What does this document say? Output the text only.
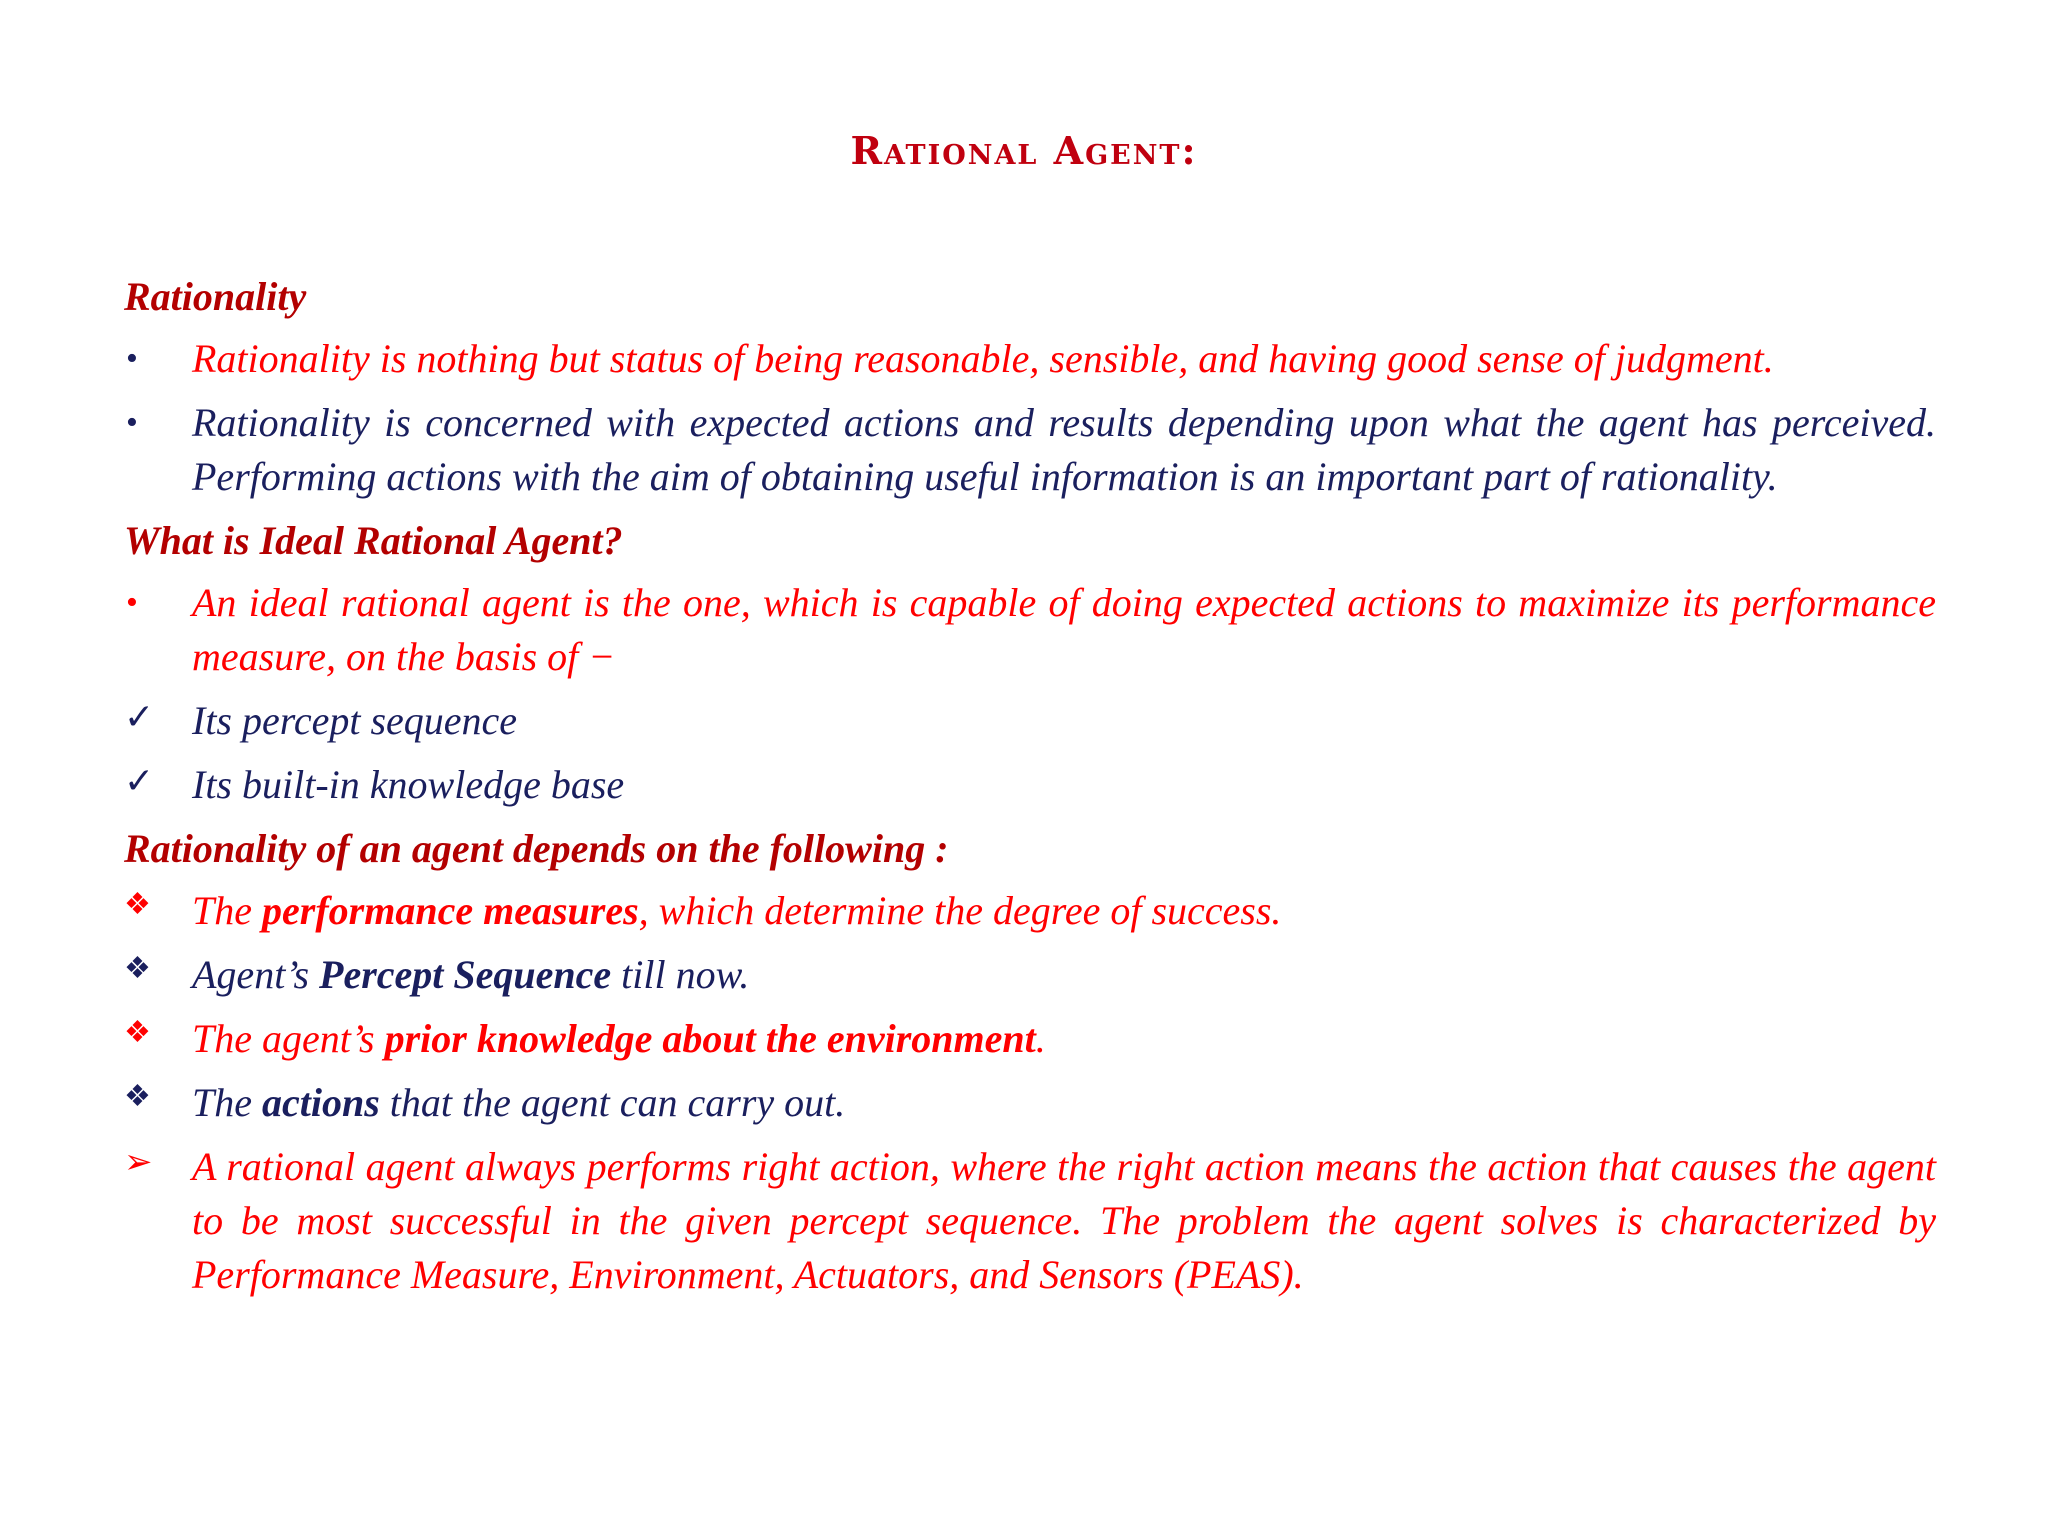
Rational Agent:
Rationality
•	Rationality is nothing but status of being reasonable, sensible, and having good sense of judgment.
•	Rationality is concerned with expected actions and results depending upon what the agent has perceived. Performing actions with the aim of obtaining useful information is an important part of rationality.
What is Ideal Rational Agent?
•	An ideal rational agent is the one, which is capable of doing expected actions to maximize its performance measure, on the basis of −
✓ Its percept sequence
✓ Its built-in knowledge base
Rationality of an agent depends on the following :
❖	The performance measures, which determine the degree of success.
❖	Agent’s Percept Sequence till now.
❖	The agent’s prior knowledge about the environment.
❖	The actions that the agent can carry out.
➢ A rational agent always performs right action, where the right action means the action that causes the agent to be most successful in the given percept sequence. The problem the agent solves is characterized by Performance Measure, Environment, Actuators, and Sensors (PEAS).
